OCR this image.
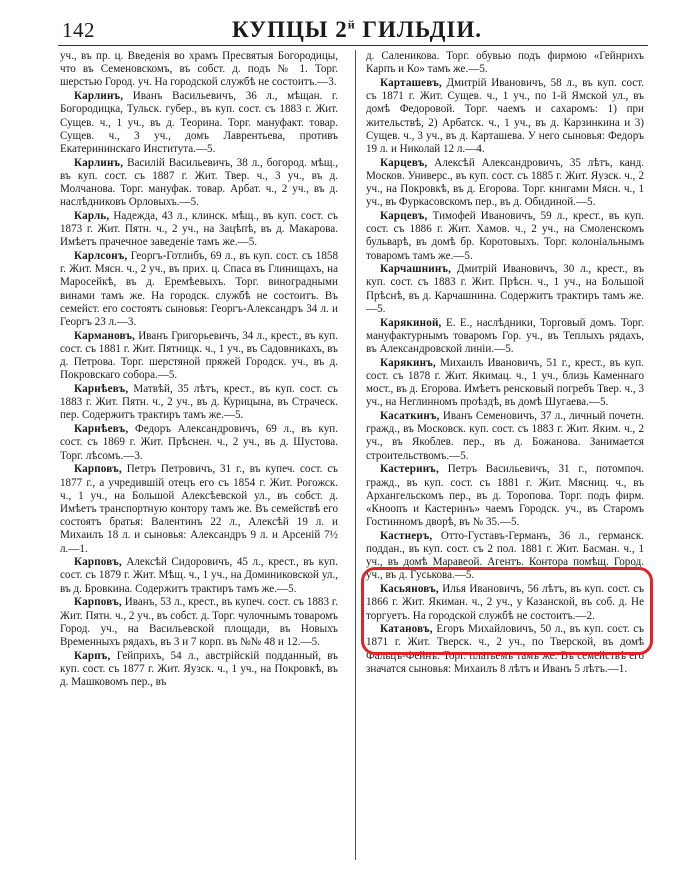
142	КУПЦЫ $2^й$ ГИЛЬДІИ.

уч., въ пр. ц. Введенія во храмъ Пресвятыя Богородицы, что въ Семеновскомъ, въ собст. д. подъ № 1. Торг. шерстью Город. уч. На городской службѣ не состоитъ.—3.

Карлинъ, Иванъ Васильевичъ, 36 л., мѣщан. г. Богородицка, Тульск. губер., въ куп. сост. съ 1883 г. Жит. Сущев. ч., 1 уч., въ д. Теорина. Торг. мануфакт. товар. Сущев. ч., 3 уч., домъ Лаврентьева, противъ Екатерининскаго Института.—5.

Карлинъ, Василій Васильевичъ, 38 л., богород. мѣщ., въ куп. сост. съ 1887 г. Жит. Твер. ч., 3 уч., въ д. Молчанова. Торг. мануфак. товар. Арбат. ч., 2 уч., въ д. наслѣдниковъ Орловыхъ.—5.

Карль, Надежда, 43 л., клинск. мѣщ., въ куп. сост. съ 1873 г. Жит. Пятн. ч., 2 уч., на Зацѣпѣ, въ д. Макарова. Имѣетъ прачечное заведеніе тамъ же.—5.

Карлсонъ, Георгъ-Готлибъ, 69 л., въ куп. сост. съ 1858 г. Жит. Мясн. ч., 2 уч., въ прих. ц. Спаса въ Глинищахъ, на Маросейкѣ, въ д. Еремѣевыхъ. Торг. виноградными винами тамъ же. На городск. службѣ не состоитъ. Въ семейст. его состоятъ сыновья: Георгъ-Александръ 34 л. и Георгъ 23 л.—3.

Кармановъ, Иванъ Григорьевичъ, 34 л., крест., въ куп. сост. съ 1881 г. Жит. Пятницк. ч., 1 уч., въ Садовникахъ, въ д. Петрова. Торг. шерстяной пряжей Городск. уч., въ д. Покровскаго собора.—5.

Карнѣевъ, Матвѣй, 35 лѣтъ, крест., въ куп. сост. съ 1883 г. Жит. Пятн. ч., 2 уч., въ д. Курицына, въ Страческ. пер. Содержитъ трактиръ тамъ же.—5.

Карнѣевъ, Федоръ Александровичъ, 69 л., въ куп. сост. съ 1869 г. Жит. Прѣснен. ч., 2 уч., въ д. Шустова. Торг. лѣсомъ.—3.

Карповъ, Петръ Петровичъ, 31 г., въ купеч. сост. съ 1877 г., а учредившій отецъ его съ 1854 г. Жит. Рогожск. ч., 1 уч., на Большой Алексѣевской ул., въ собст. д. Имѣетъ транспортную контору тамъ же. Въ семействѣ его состоятъ братья: Валентинъ 22 л., Алексѣй 19 л. и Михаилъ 18 л. и сыновья: Александръ 9 л. и Арсеній 7½ л.—1.

Карповъ, Алексѣй Сидоровичъ, 45 л., крест., въ куп. сост. съ 1879 г. Жит. Мѣщ. ч., 1 уч., на Доминиковской ул., въ д. Бровкина. Содержитъ трактиръ тамъ же.—5.

Карповъ, Иванъ, 53 л., крест., въ купеч. сост. съ 1883 г. Жит. Пятн. ч., 2 уч., въ собст. д. Торг. чулочнымъ товаромъ Город. уч., на Васильевской площади, въ Новыхъ Временныхъ рядахъ, въ 3 и 7 корп. въ №№ 48 и 12.—5.

Карпъ, Гейприхъ, 54 л., австрійскій подданный, въ куп. сост. съ 1877 г. Жит. Яузск. ч., 1 уч., на Покровкѣ, въ д. Машковомъ пер., въ

д. Саленикова. Торг. обувью подъ фирмою «Гейнрихъ Карпъ и Ко» тамъ же.—5.

Карташевъ, Дмитрій Ивановичъ, 58 л., въ куп. сост. съ 1871 г. Жит. Сущев. ч., 1 уч., по 1-й Ямской ул., въ домѣ Федоровой. Торг. чаемъ и сахаромъ: 1) при жительствѣ, 2) Арбатск. ч., 1 уч., въ д. Карзинкина и 3) Сущев. ч., 3 уч., въ д. Карташева. У него сыновья: Федоръ 19 л. и Николай 12 л.—4.

Карцевъ, Алексѣй Александровичъ, 35 лѣтъ, канд. Москов. Универс., въ куп. сост. съ 1885 г. Жит. Яузск. ч., 2 уч., на Покровкѣ, въ д. Егорова. Торг. книгами Мясн. ч., 1 уч., въ Фуркасовскомъ пер., въ д. Обидиной.—5.

Карцевъ, Тимофей Ивановичъ, 59 л., крест., въ куп. сост. съ 1886 г. Жит. Хамов. ч., 2 уч., на Смоленскомъ бульварѣ, въ домѣ бр. Коротовыхъ. Торг. колоніальнымъ товаромъ тамъ же.—5.

Карчашнинъ, Дмитрій Ивановичъ, 30 л., крест., въ куп. сост. съ 1883 г. Жит. Прѣсн. ч., 1 уч., на Большой Прѣснѣ, въ д. Карчашнина. Содержитъ трактиръ тамъ же.—5.

Карякиной, Е. Е., наслѣдники, Торговый домъ. Торг. мануфактурнымъ товаромъ Гор. уч., въ Теплыхъ рядахъ, въ Александровской линіи.—5.

Карякинъ, Михаилъ Ивановичъ, 51 г., крест., въ куп. сост. съ 1878 г. Жит. Якимац. ч., 1 уч., близь Каменнаго мост., въ д. Егорова. Имѣетъ ренсковый погребъ Твер. ч., 3 уч., на Неглинномъ проѣздѣ, въ домѣ Шугаева.—5.

Касаткинъ, Иванъ Семеновичъ, 37 л., личный почетн. гражд., въ Московск. куп. сост. съ 1883 г. Жит. Яким. ч., 2 уч., въ Якоблев. пер., въ д. Божанова. Занимается строительствомъ.—5.

Кастеринъ, Петръ Васильевичъ, 31 г., потомпоч. гражд., въ куп. сост. съ 1881 г. Жит. Мясниц. ч., въ Архангельскомъ пер., въ д. Торопова. Торг. подъ фирм. «Кноопъ и Кастеринъ» чаемъ Городск. уч., въ Старомъ Гостинномъ дворѣ, въ № 35.—5.

Кастнеръ, Отто-Густавъ-Германъ, 36 л., германск. поддан., въ куп. сост. съ 2 пол. 1881 г. Жит. Басман. ч., 1 уч., въ домѣ Маравеой. Агентъ. Контора помѣщ. Город. уч., въ д. Гуськова.—5.

Касьяновъ, Илья Ивановичъ, 56 лѣтъ, въ куп. сост. съ 1866 г. Жит. Якиман. ч., 2 уч., у Казанской, въ соб. д. Не торгуетъ. На городской службѣ не состоитъ.—2.

Катановъ, Егоръ Михайловичъ, 50 л., въ куп. сост. съ 1871 г. Жит. Тверск. ч., 2 уч., по Тверской, въ домѣ Фальцъ-Фейнъ. Торг. платьемъ тамъ же. Въ семействѣ его значатся сыновья: Михаилъ 8 лѣтъ и Иванъ 5 лѣтъ.—1.
